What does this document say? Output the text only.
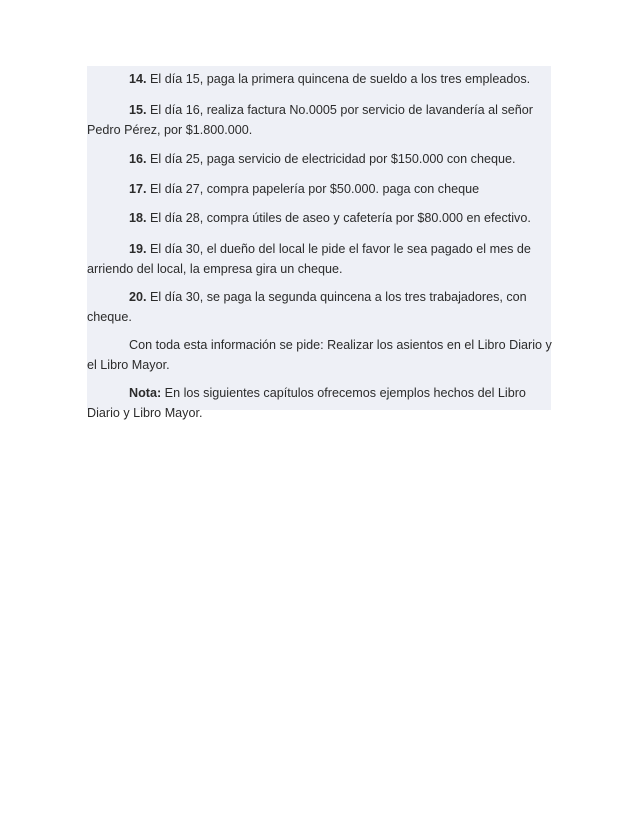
14. El día 15, paga la primera quincena de sueldo a los tres empleados.
15. El día 16, realiza factura No.0005 por servicio de lavandería al señor Pedro Pérez, por $1.800.000.
16. El día 25, paga servicio de electricidad por $150.000 con cheque.
17. El día 27, compra papelería por $50.000. paga con cheque
18. El día 28, compra útiles de aseo y cafetería por $80.000 en efectivo.
19. El día 30, el dueño del local le pide el favor le sea pagado el mes de arriendo del local, la empresa gira un cheque.
20. El día 30, se paga la segunda quincena a los tres trabajadores, con cheque.
Con toda esta información se pide: Realizar los asientos en el Libro Diario y el Libro Mayor.
Nota: En los siguientes capítulos ofrecemos ejemplos hechos del Libro Diario y Libro Mayor.
